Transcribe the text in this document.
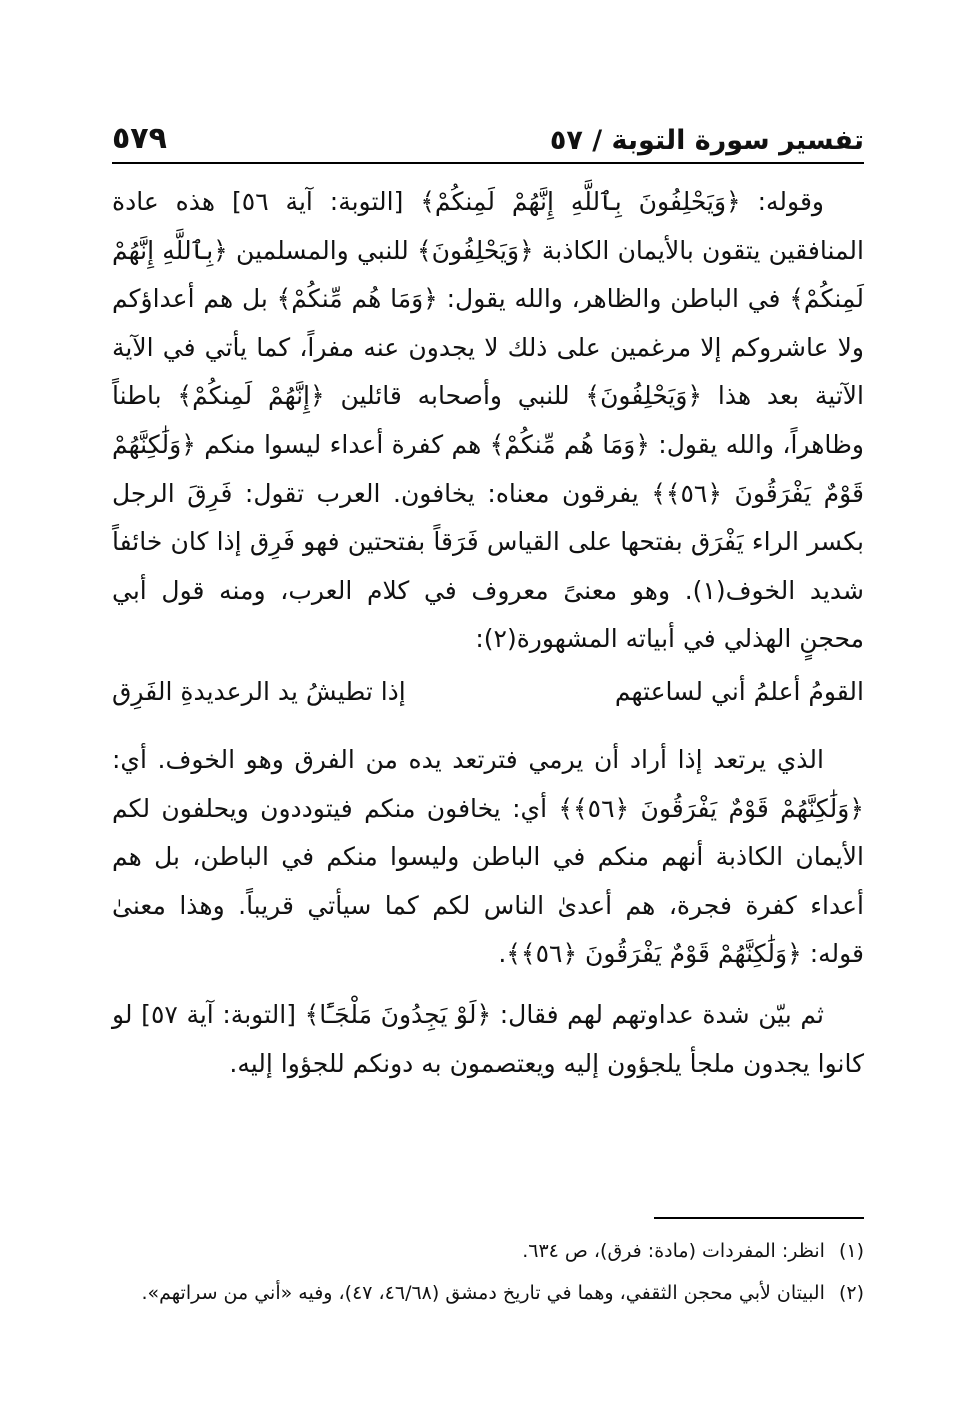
تفسير سورة التوبة / ٥٧
٥٧٩

وقوله: ﴿وَيَحْلِفُونَ بِٱللَّهِ إِنَّهُمْ لَمِنكُمْ﴾ [التوبة: آية ٥٦] هذه عادة المنافقين يتقون بالأيمان الكاذبة ﴿وَيَحْلِفُونَ﴾ للنبي والمسلمين ﴿بِٱللَّهِ إِنَّهُمْ لَمِنكُمْ﴾ في الباطن والظاهر، والله يقول: ﴿وَمَا هُم مِّنكُمْ﴾ بل هم أعداؤكم ولا عاشروكم إلا مرغمين على ذلك لا يجدون عنه مفراً، كما يأتي في الآية الآتية بعد هذا ﴿وَيَحْلِفُونَ﴾ للنبي وأصحابه قائلين ﴿إِنَّهُمْ لَمِنكُمْ﴾ باطناً وظاهراً، والله يقول: ﴿وَمَا هُم مِّنكُمْ﴾ هم كفرة أعداء ليسوا منكم ﴿وَلَٰكِنَّهُمْ قَوْمٌ يَفْرَقُونَ ﴿٥٦﴾﴾ يفرقون معناه: يخافون. العرب تقول: فَرِقَ الرجل بكسر الراء يَفْرَق بفتحها على القياس فَرَقاً بفتحتين فهو فَرِق إذا كان خائفاً شديد الخوف(١). وهو معنىً معروف في كلام العرب، ومنه قول أبي محجنٍ الهذلي في أبياته المشهورة(٢):

القومُ أعلمُ أني لساعتهم
إذا تطيشُ يد الرعديدةِ الفَرِق

الذي يرتعد إذا أراد أن يرمي فترتعد يده من الفرق وهو الخوف. أي: ﴿وَلَٰكِنَّهُمْ قَوْمٌ يَفْرَقُونَ ﴿٥٦﴾﴾ أي: يخافون منكم فيتوددون ويحلفون لكم الأيمان الكاذبة أنهم منكم في الباطن وليسوا منكم في الباطن، بل هم أعداء كفرة فجرة، هم أعدىٰ الناس لكم كما سيأتي قريباً. وهذا معنىٰ قوله: ﴿وَلَٰكِنَّهُمْ قَوْمٌ يَفْرَقُونَ ﴿٥٦﴾﴾.

ثم بيّن شدة عداوتهم لهم فقال: ﴿لَوْ يَجِدُونَ مَلْجَـًٔا﴾ [التوبة: آية ٥٧] لو كانوا يجدون ملجأ يلجؤون إليه ويعتصمون به دونكم للجؤوا إليه.

(١) انظر: المفردات (مادة: فرق)، ص ٦٣٤.

(٢) البيتان لأبي محجن الثقفي، وهما في تاريخ دمشق (٤٦/٦٨، ٤٧)، وفيه «أني من سراتهم».
